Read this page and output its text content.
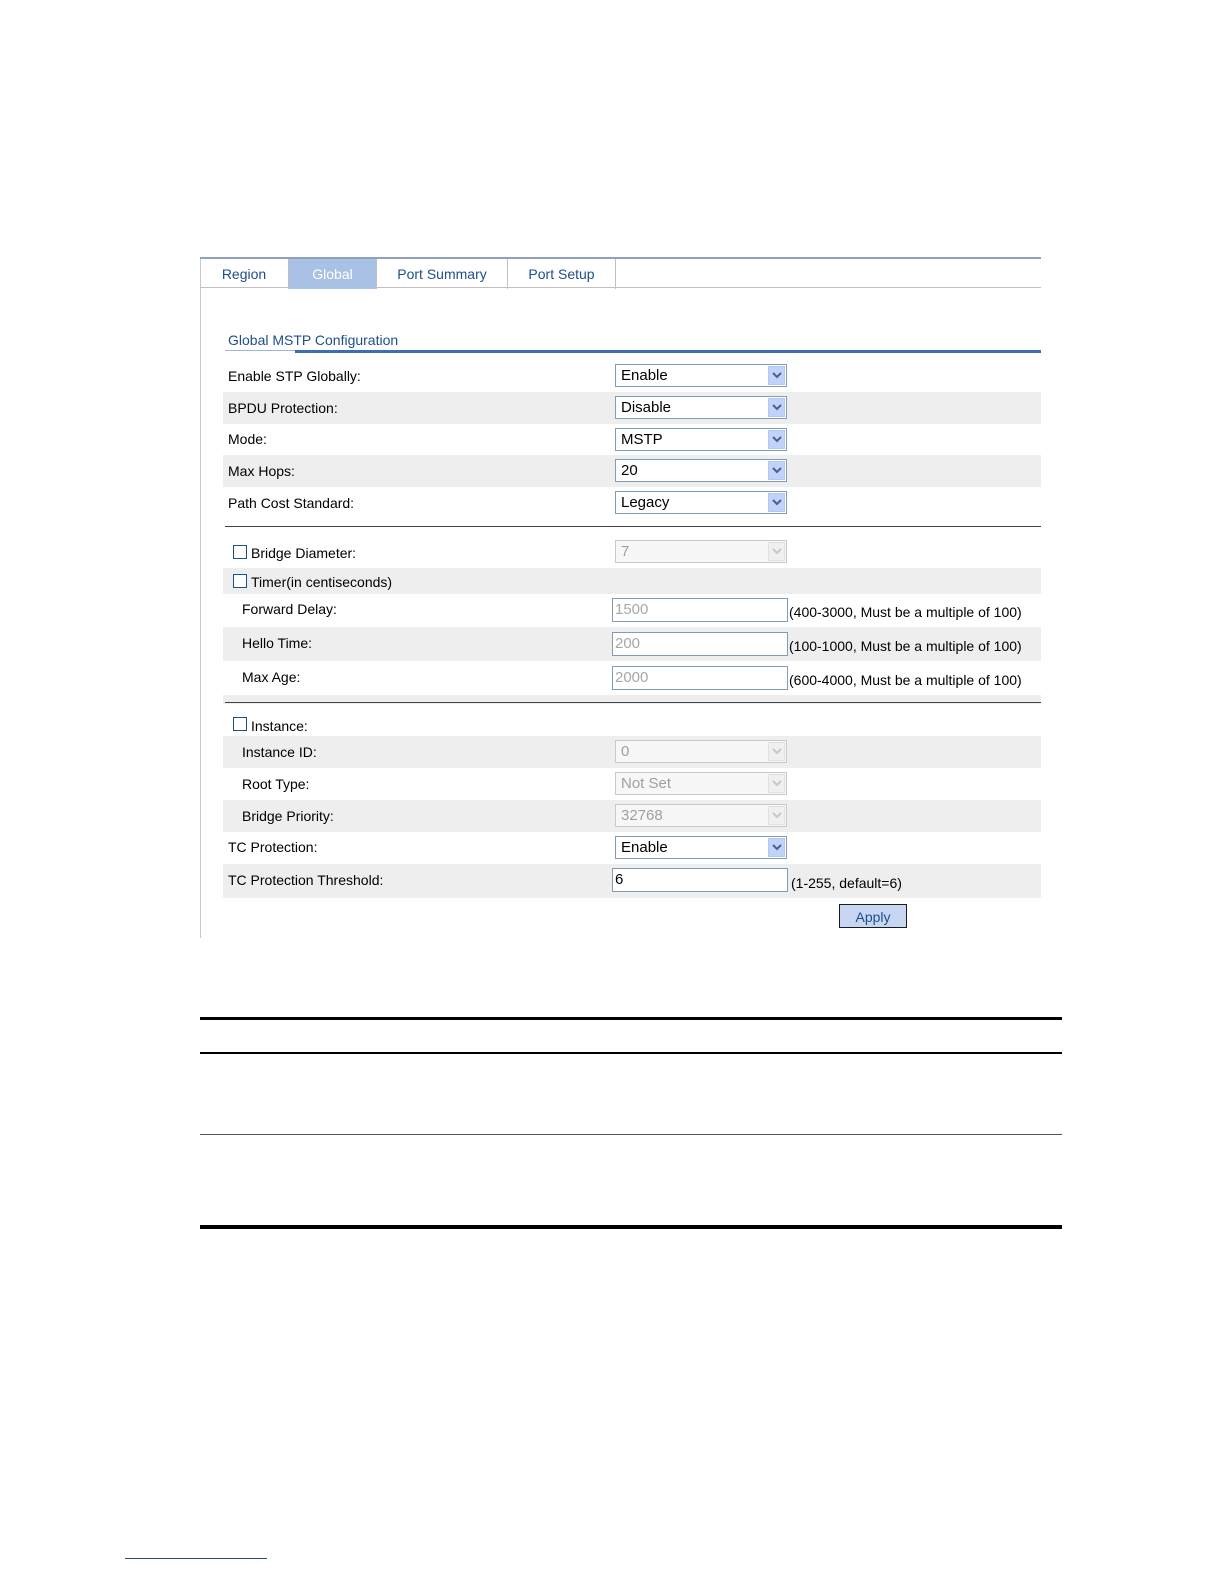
Region	Global	Port Summary	Port Setup
Global MSTP Configuration
Enable STP Globally:	Enable
BPDU Protection:	Disable
Mode:	MSTP
Max Hops:	20
Path Cost Standard:	Legacy
Bridge Diameter:	7
Timer(in centiseconds)
Forward Delay:	1500	(400-3000, Must be a multiple of 100)
Hello Time:	200	(100-1000, Must be a multiple of 100)
Max Age:	2000	(600-4000, Must be a multiple of 100)
Instance:
Instance ID:	0
Root Type:	Not Set
Bridge Priority:	32768
TC Protection:	Enable
TC Protection Threshold:	6	(1-255, default=6)
Apply
